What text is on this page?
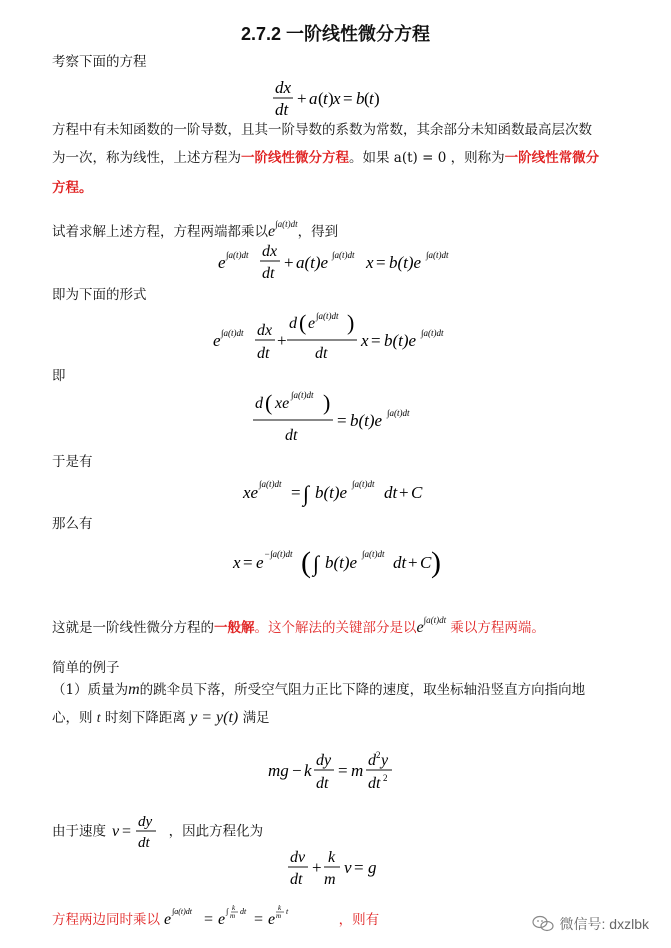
2.7.2 一阶线性微分方程
考察下面的方程
dx
dt
+ a ( t ) x = b ( t )
方程中有未知函数的一阶导数，且其一阶导数的系数为常数，其余部分未知函数最高层次数
为一次，称为线性，上述方程为一阶线性微分方程。如果 a(t) = 0 ，则称为一阶线性常微分
方程。
试着求解上述方程，方程两端都乘以$e^{\int a(t)dt}$，得到
e ∫a(t)dt dx
dt
+ a(t)e ∫a(t)dt x = b(t)e ∫a(t)dt
即为下面的形式
e ∫a(t)dt dx
dt
+
d ( e ∫a(t)dt )
dt
x = b(t)e ∫a(t)dt
即
d ( xe ∫a(t)dt )
dt
= b(t)e ∫a(t)dt
于是有
xe ∫a(t)dt = ∫ b(t)e ∫a(t)dt dt + C
那么有
x = e −∫a(t)dt ( ∫ b(t)e ∫a(t)dt dt + C )
这就是一阶线性微分方程的一般解。这个解法的关键部分是以$e^{\int a(t)dt}$ 乘以方程两端。
简单的例子
（1）质量为m的跳伞员下落，所受空气阻力正比下降的速度，取坐标轴沿竖直方向指向地
心，则 t 时刻下降距离 y = y(t) 满足
mg − k
dy
dt
= m
d 2 y
dt 2
由于速度 v =
dy
dt
，因此方程化为
dv
dt
+
k
m
v = g
方程两边同时乘以 e ∫a(t)dt = e ∫ k
m dt = e
k
m t
，则有	微信号: dxzlbk
